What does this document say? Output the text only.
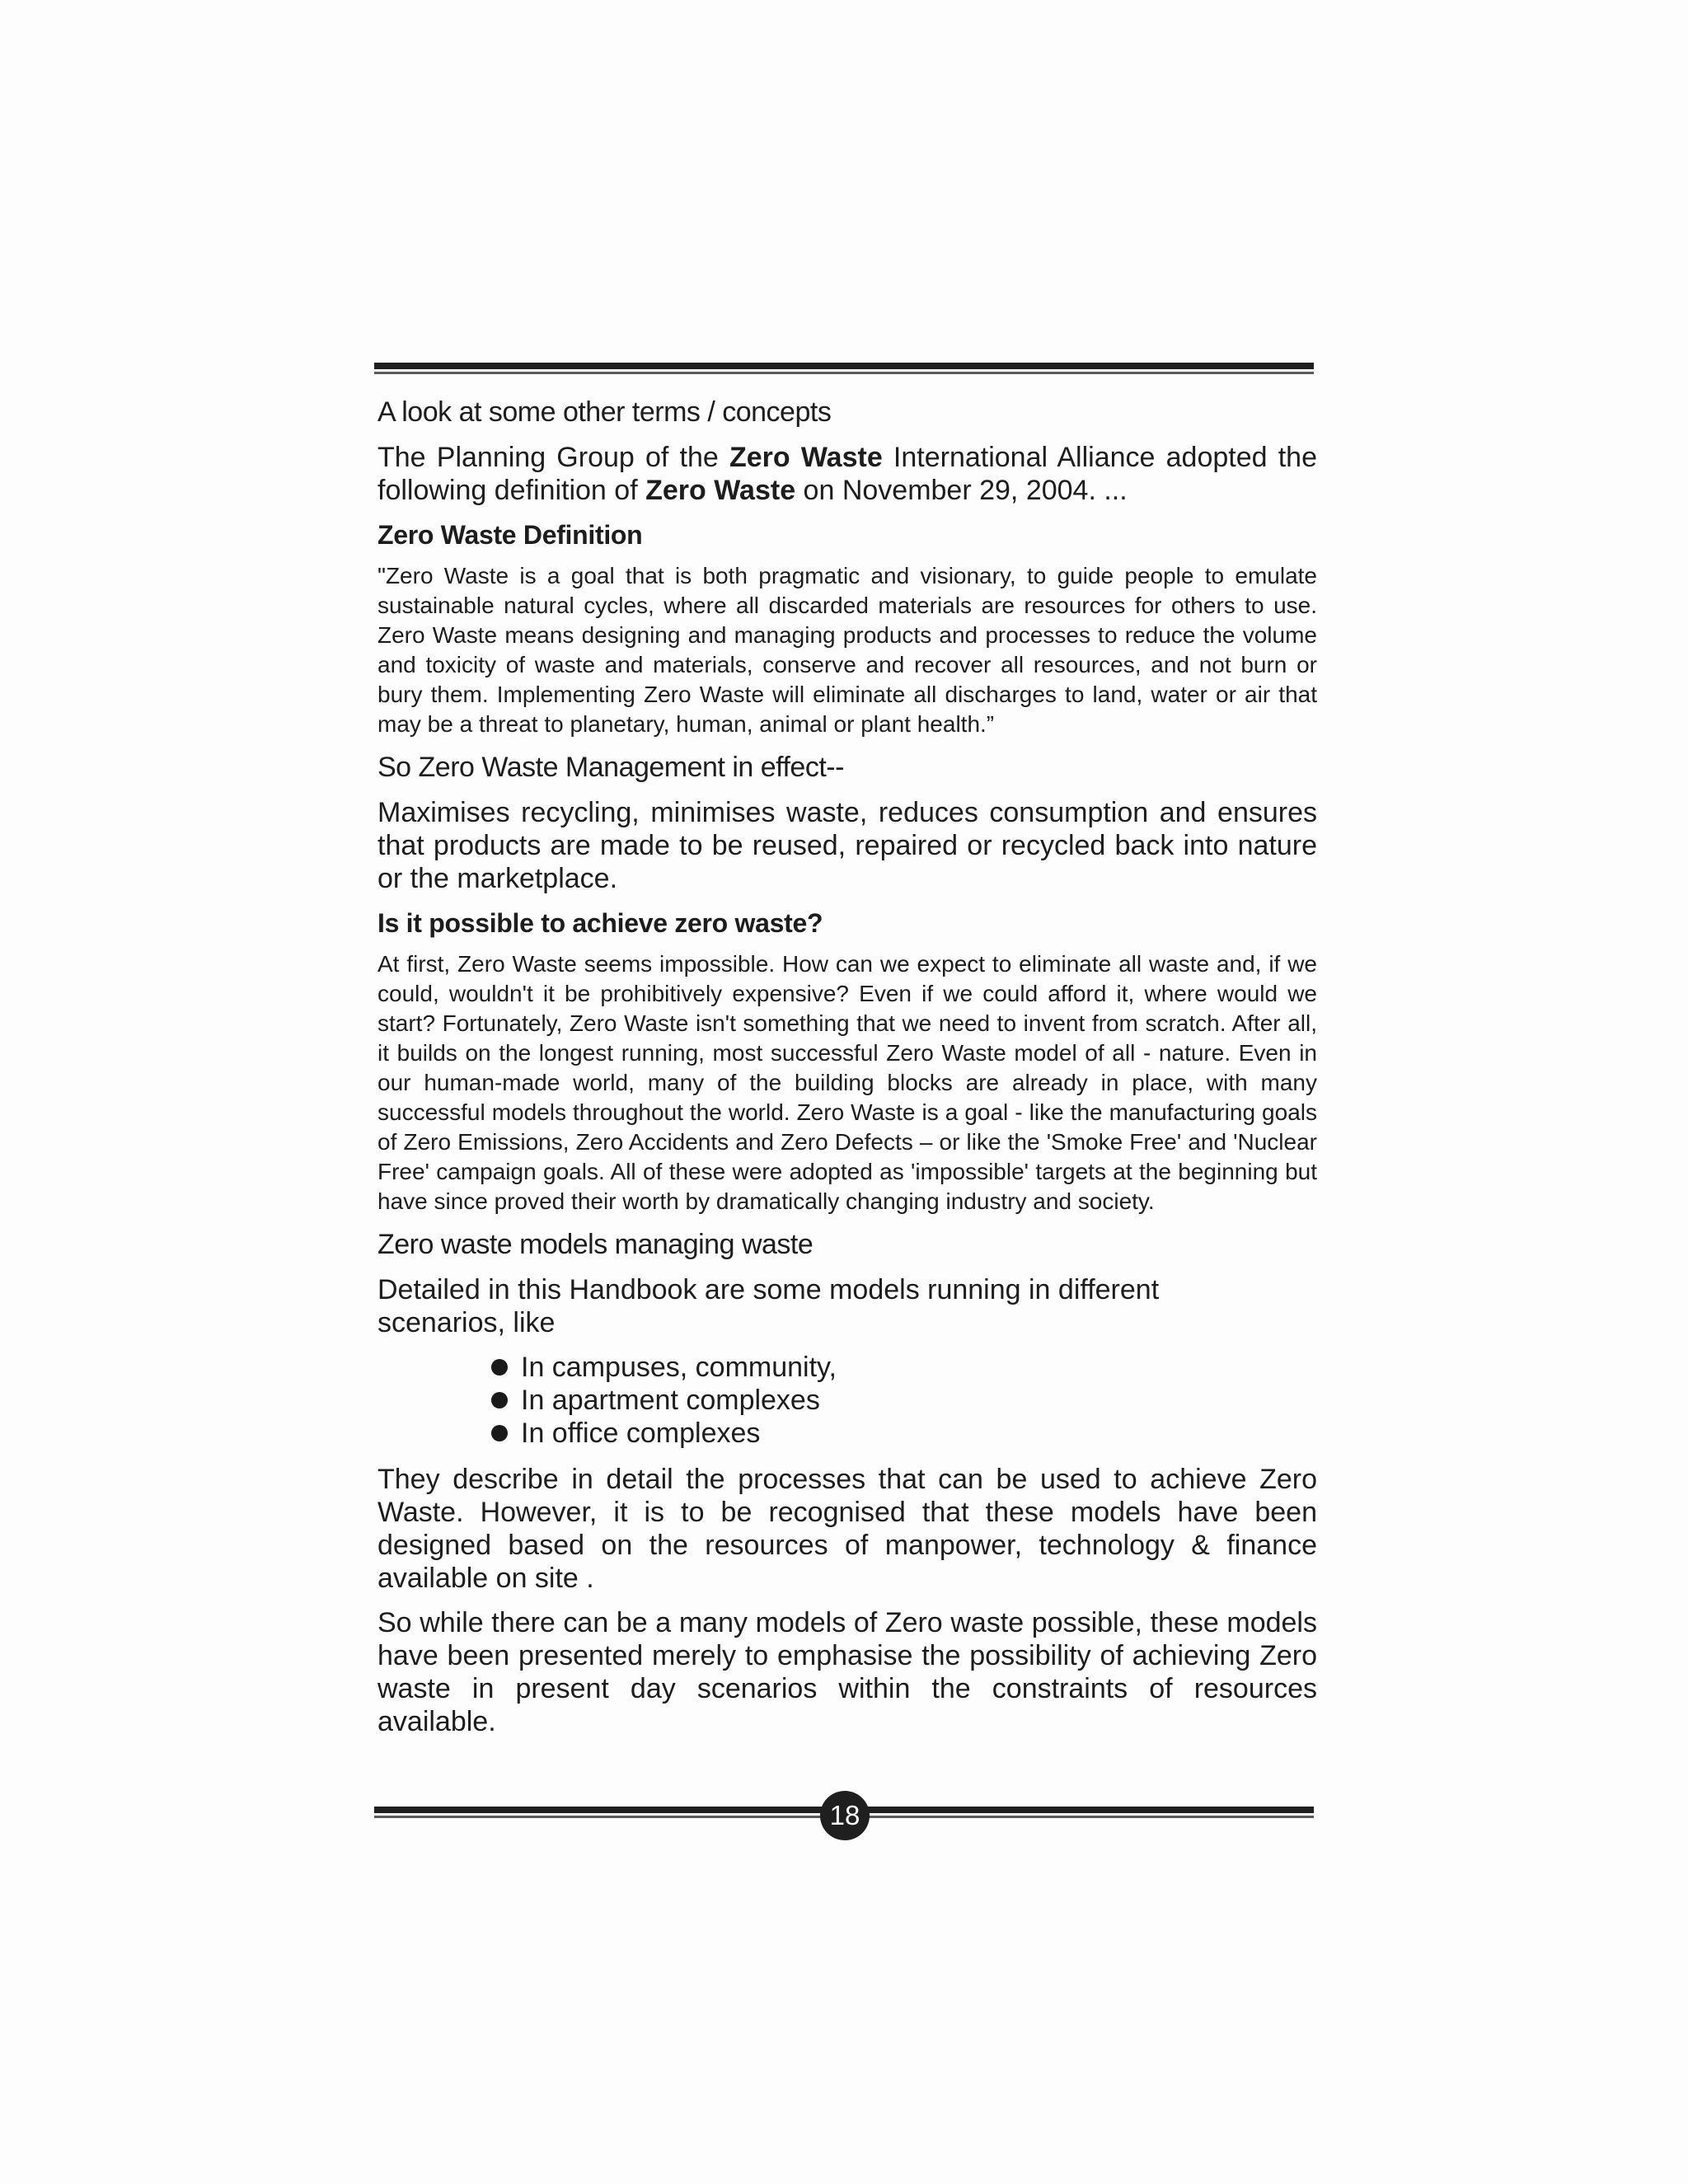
A look at some other terms / concepts

The Planning Group of the Zero Waste International Alliance adopted the following definition of Zero Waste on November 29, 2004. ...

Zero Waste Definition

"Zero Waste is a goal that is both pragmatic and visionary, to guide people to emulate sustainable natural cycles, where all discarded materials are resources for others to use. Zero Waste means designing and managing products and processes to reduce the volume and toxicity of waste and materials, conserve and recover all resources, and not burn or bury them. Implementing Zero Waste will eliminate all discharges to land, water or air that may be a threat to planetary, human, animal or plant health.”

So Zero Waste Management in effect--

Maximises recycling, minimises waste, reduces consumption and ensures that products are made to be reused, repaired or recycled back into nature or the marketplace.

Is it possible to achieve zero waste?

At first, Zero Waste seems impossible. How can we expect to eliminate all waste and, if we could, wouldn't it be prohibitively expensive? Even if we could afford it, where would we start? Fortunately, Zero Waste isn't something that we need to invent from scratch. After all, it builds on the longest running, most successful Zero Waste model of all - nature. Even in our human-made world, many of the building blocks are already in place, with many successful models throughout the world. Zero Waste is a goal - like the manufacturing goals of Zero Emissions, Zero Accidents and Zero Defects – or like the 'Smoke Free' and 'Nuclear Free' campaign goals. All of these were adopted as 'impossible' targets at the beginning but have since proved their worth by dramatically changing industry and society.

Zero waste models managing waste

Detailed in this Handbook are some models running in different scenarios, like

In campuses, community,
In apartment complexes
In office complexes

They describe in detail the processes that can be used to achieve Zero Waste. However, it is to be recognised that these models have been designed based on the resources of manpower, technology & finance available on site .

So while there can be a many models of Zero waste possible, these models have been presented merely to emphasise the possibility of achieving Zero waste in present day scenarios within the constraints of resources available.

18
